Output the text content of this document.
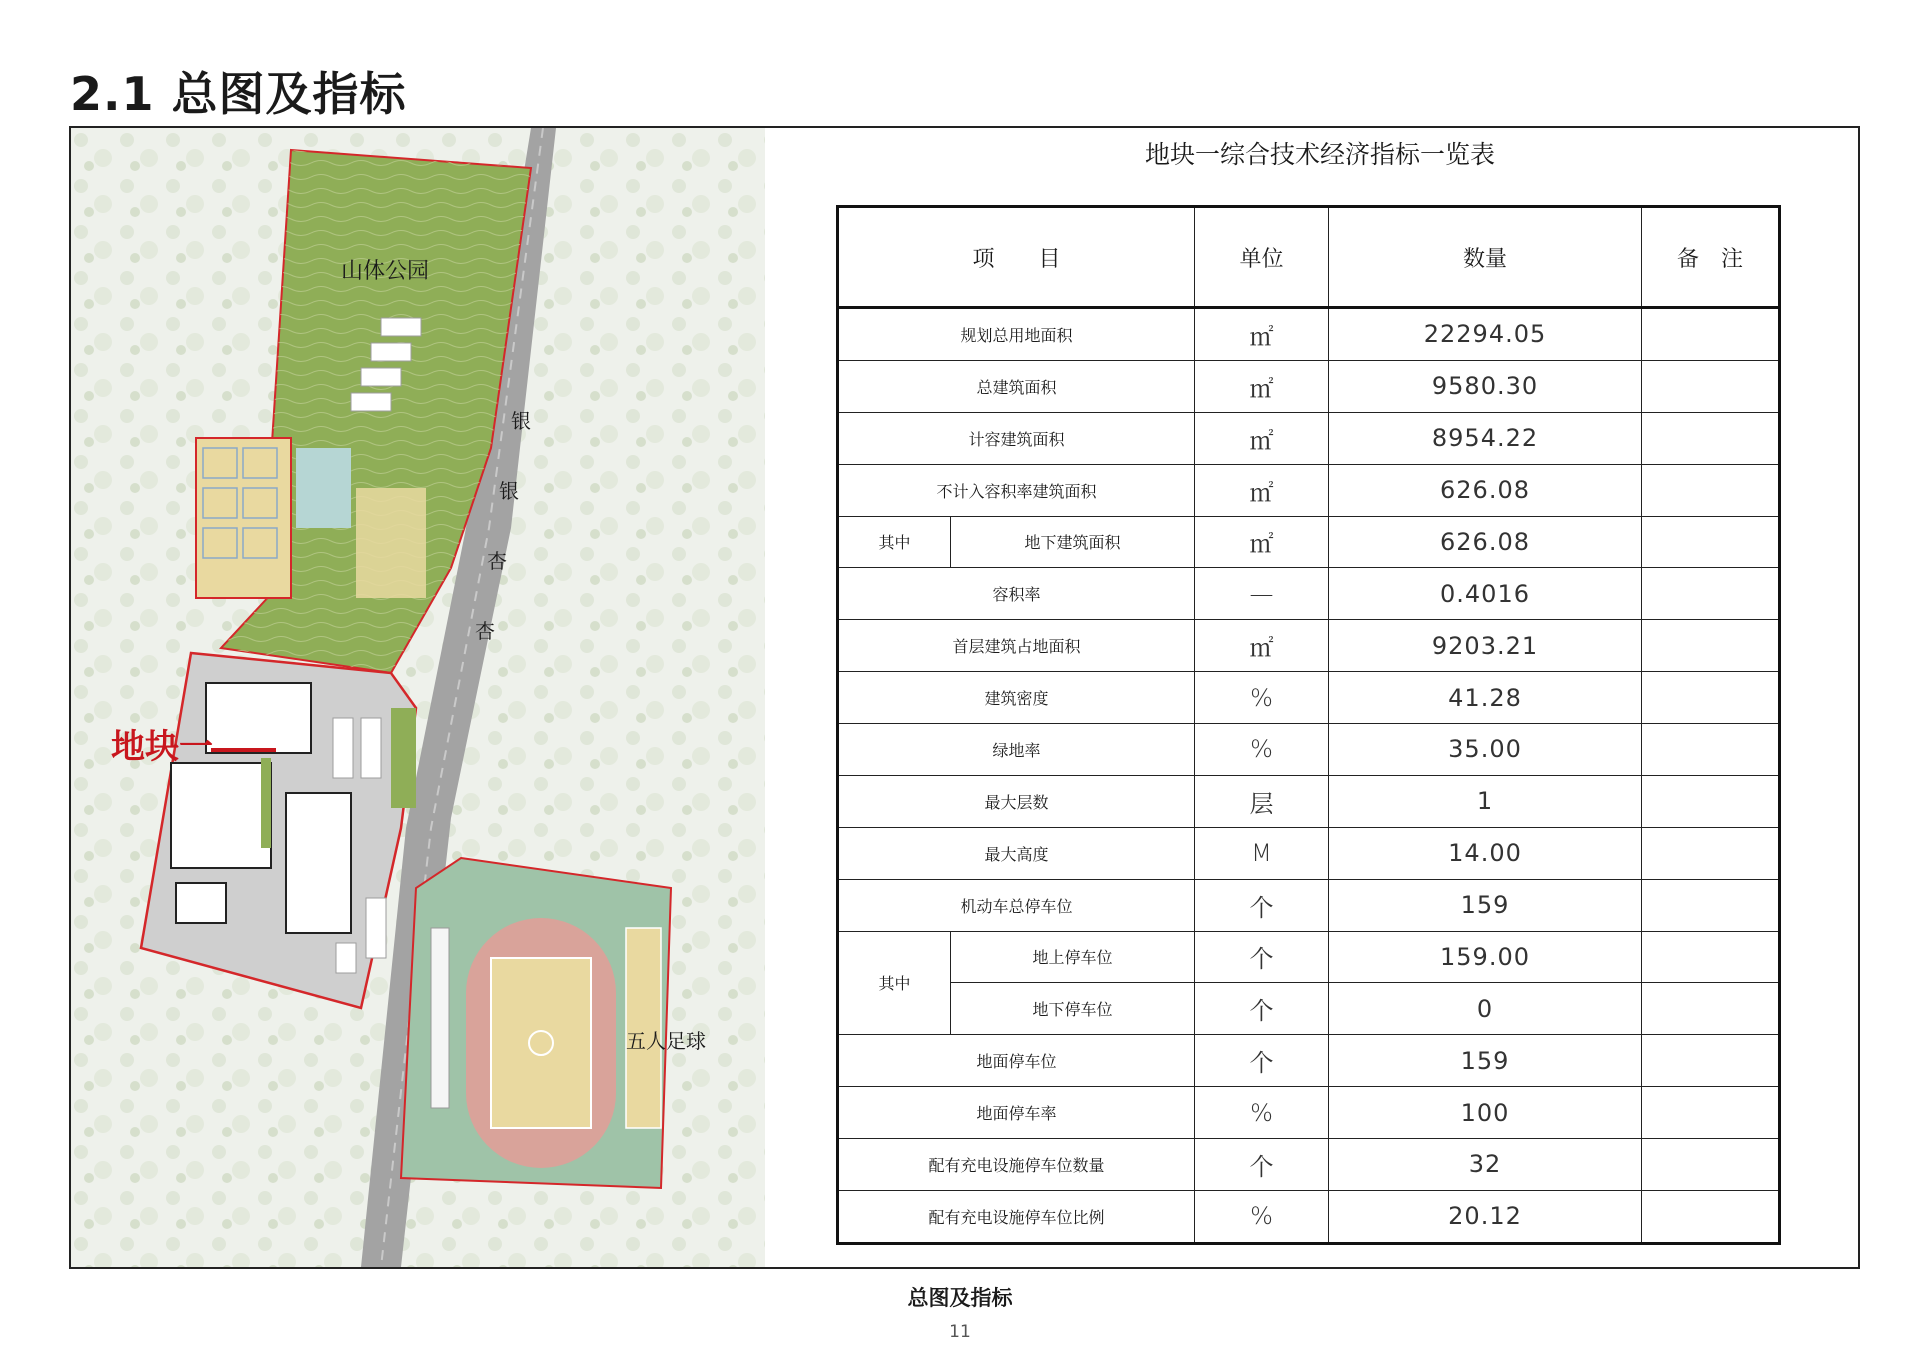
2.1 总图及指标
山体公园
银
银
杏
杏
地块一
五人足球
地块一综合技术经济指标一览表
项　　目		单位	数量	备　注
规划总用地面积		㎡	22294.05	
总建筑面积		㎡	9580.30	
计容建筑面积		㎡	8954.22	
不计入容积率建筑面积		㎡	626.08	
其中	地下建筑面积	㎡	626.08	
容积率		—	0.4016	
首层建筑占地面积		㎡	9203.21	
建筑密度		%	41.28	
绿地率		%	35.00	
最大层数		层	1	
最大高度		M	14.00	
机动车总停车位		个	159	
其中	地上停车位	个	159.00	
	地下停车位	个	0	
地面停车位		个	159	
地面停车率		%	100	
配有充电设施停车位数量		个	32	
配有充电设施停车位比例		%	20.12	
总图及指标
11
